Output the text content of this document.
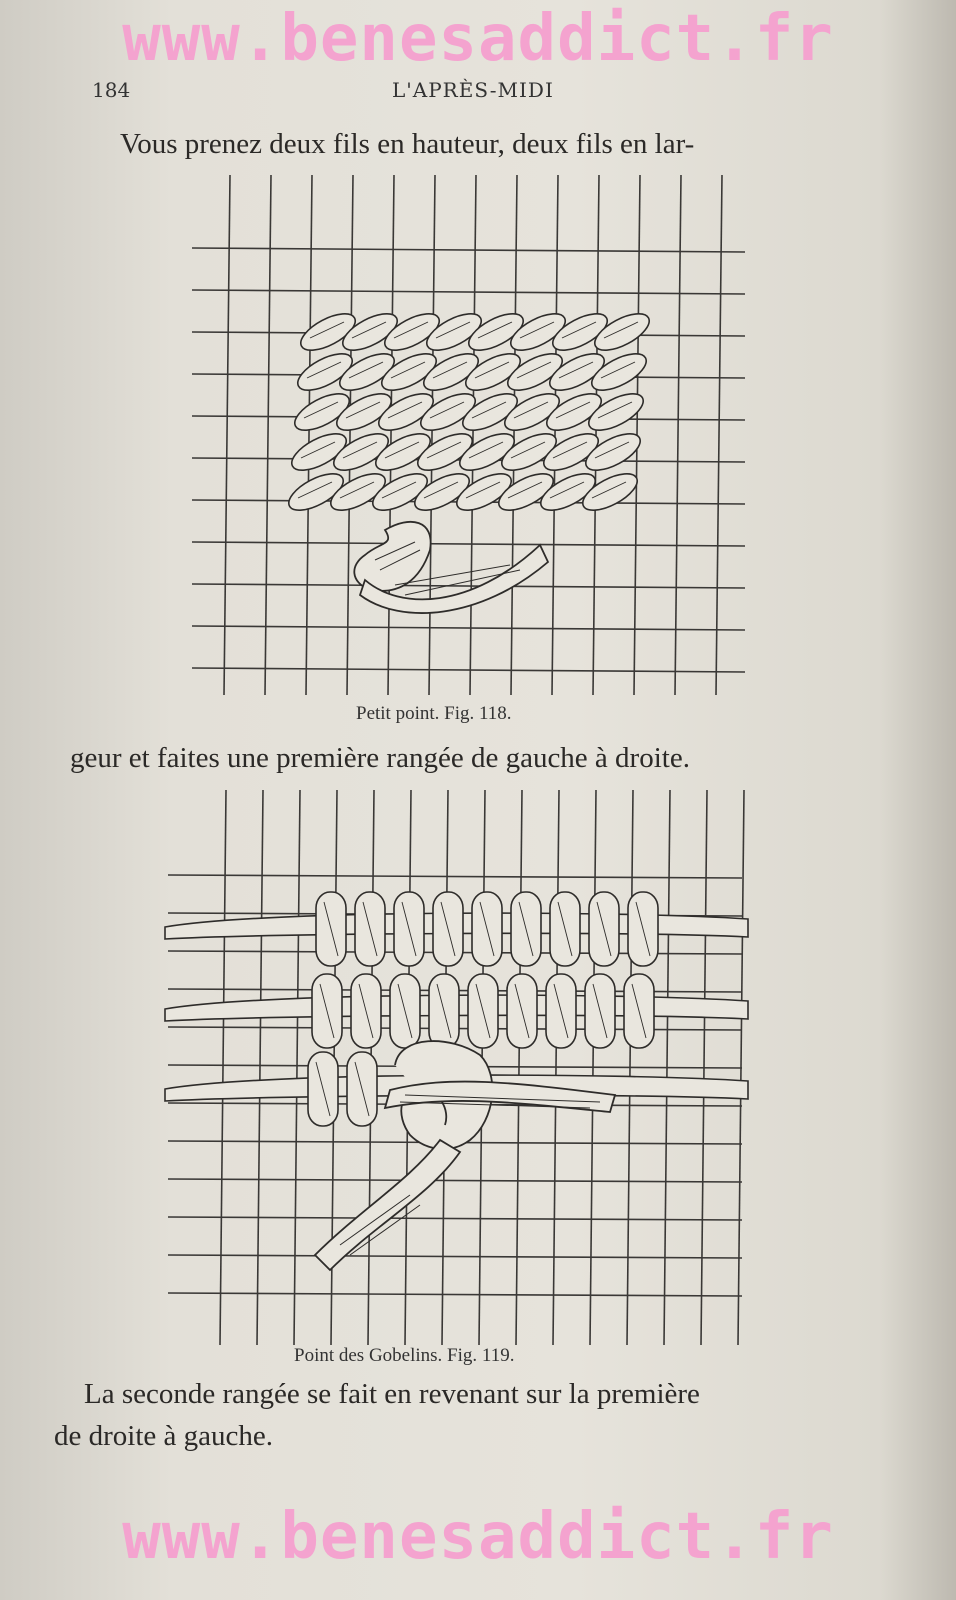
www.benesaddict.fr
184	L'APRÈS-MIDI
Vous prenez deux fils en hauteur, deux fils en lar-
Petit point. Fig. 118.
geur et faites une première rangée de gauche à droite.
Point des Gobelins. Fig. 119.
La seconde rangée se fait en revenant sur la première
de droite à gauche.
www.benesaddict.fr
